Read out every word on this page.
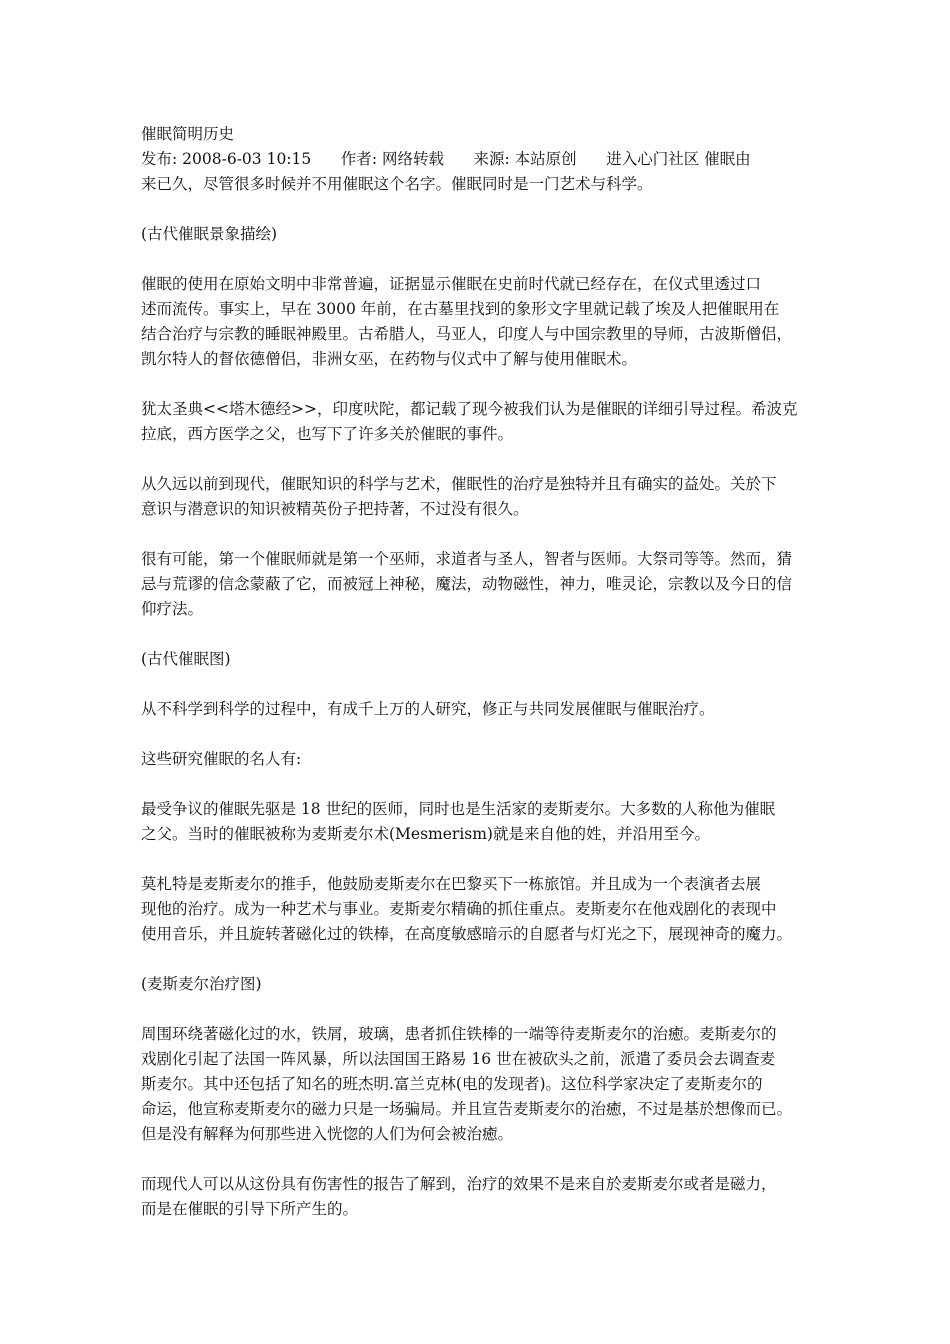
催眠简明历史
发布: 2008-6-03 10:15      作者: 网络转载      来源: 本站原创      进入心门社区 催眠由
来已久，尽管很多时候并不用催眠这个名字。催眠同时是一门艺术与科学。
(古代催眠景象描绘)
催眠的使用在原始文明中非常普遍，证据显示催眠在史前时代就已经存在，在仪式里透过口
述而流传。事实上，早在 3000 年前，在古墓里找到的象形文字里就记载了埃及人把催眠用在
结合治疗与宗教的睡眠神殿里。古希腊人，马亚人，印度人与中国宗教里的导师，古波斯僧侣，
凯尔特人的督依德僧侣，非洲女巫，在药物与仪式中了解与使用催眠术。
犹太圣典<<塔木德经>>，印度吠陀，都记载了现今被我们认为是催眠的详细引导过程。希波克
拉底，西方医学之父，也写下了许多关於催眠的事件。
从久远以前到现代，催眠知识的科学与艺术，催眠性的治疗是独特并且有确实的益处。关於下
意识与潜意识的知识被精英份子把持著，不过没有很久。
很有可能，第一个催眠师就是第一个巫师，求道者与圣人，智者与医师。大祭司等等。然而，猜
忌与荒谬的信念蒙蔽了它，而被冠上神秘，魔法，动物磁性，神力，唯灵论，宗教以及今日的信
仰疗法。
(古代催眠图)
从不科学到科学的过程中，有成千上万的人研究，修正与共同发展催眠与催眠治疗。
这些研究催眠的名人有:
最受争议的催眠先驱是 18 世纪的医师，同时也是生活家的麦斯麦尔。大多数的人称他为催眠
之父。当时的催眠被称为麦斯麦尔术(Mesmerism)就是来自他的姓，并沿用至今。
莫札特是麦斯麦尔的推手，他鼓励麦斯麦尔在巴黎买下一栋旅馆。并且成为一个表演者去展
现他的治疗。成为一种艺术与事业。麦斯麦尔精确的抓住重点。麦斯麦尔在他戏剧化的表现中
使用音乐，并且旋转著磁化过的铁棒，在高度敏感暗示的自愿者与灯光之下，展现神奇的魔力。
(麦斯麦尔治疗图)
周围环绕著磁化过的水，铁屑，玻璃，患者抓住铁棒的一端等待麦斯麦尔的治癒。麦斯麦尔的
戏剧化引起了法国一阵风暴，所以法国国王路易 16 世在被砍头之前，派遣了委员会去调查麦
斯麦尔。其中还包括了知名的班杰明.富兰克林(电的发现者)。这位科学家决定了麦斯麦尔的
命运，他宣称麦斯麦尔的磁力只是一场骗局。并且宣告麦斯麦尔的治癒，不过是基於想像而已。
但是没有解释为何那些进入恍惚的人们为何会被治癒。
而现代人可以从这份具有伤害性的报告了解到，治疗的效果不是来自於麦斯麦尔或者是磁力，
而是在催眠的引导下所产生的。
